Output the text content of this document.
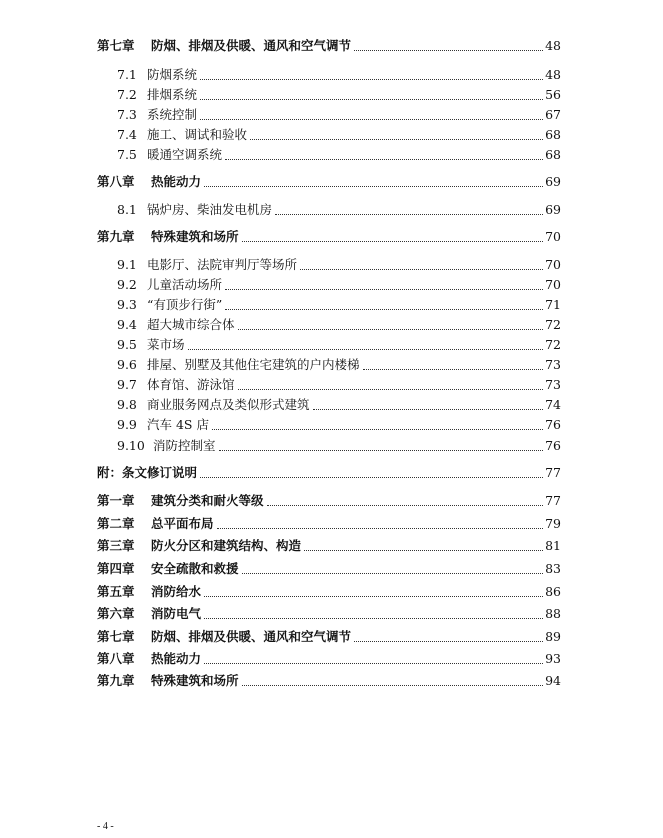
第七章	防烟、排烟及供暖、通风和空气调节	48
7.1 防烟系统	48
7.2 排烟系统	56
7.3 系统控制	67
7.4 施工、调试和验收	68
7.5 暖通空调系统	68
第八章	热能动力	69
8.1 锅炉房、柴油发电机房	69
第九章	特殊建筑和场所	70
9.1 电影厅、法院审判厅等场所	70
9.2 儿童活动场所	70
9.3 “有顶步行街”	71
9.4 超大城市综合体	72
9.5 菜市场	72
9.6 排屋、别墅及其他住宅建筑的户内楼梯	73
9.7 体育馆、游泳馆	73
9.8 商业服务网点及类似形式建筑	74
9.9 汽车 4S 店	76
9.10 消防控制室	76
附：条文修订说明	77
第一章	建筑分类和耐火等级	77
第二章	总平面布局	79
第三章	防火分区和建筑结构、构造	81
第四章	安全疏散和救援	83
第五章	消防给水	86
第六章	消防电气	88
第七章	防烟、排烟及供暖、通风和空气调节	89
第八章	热能动力	93
第九章	特殊建筑和场所	94
- 4 -
